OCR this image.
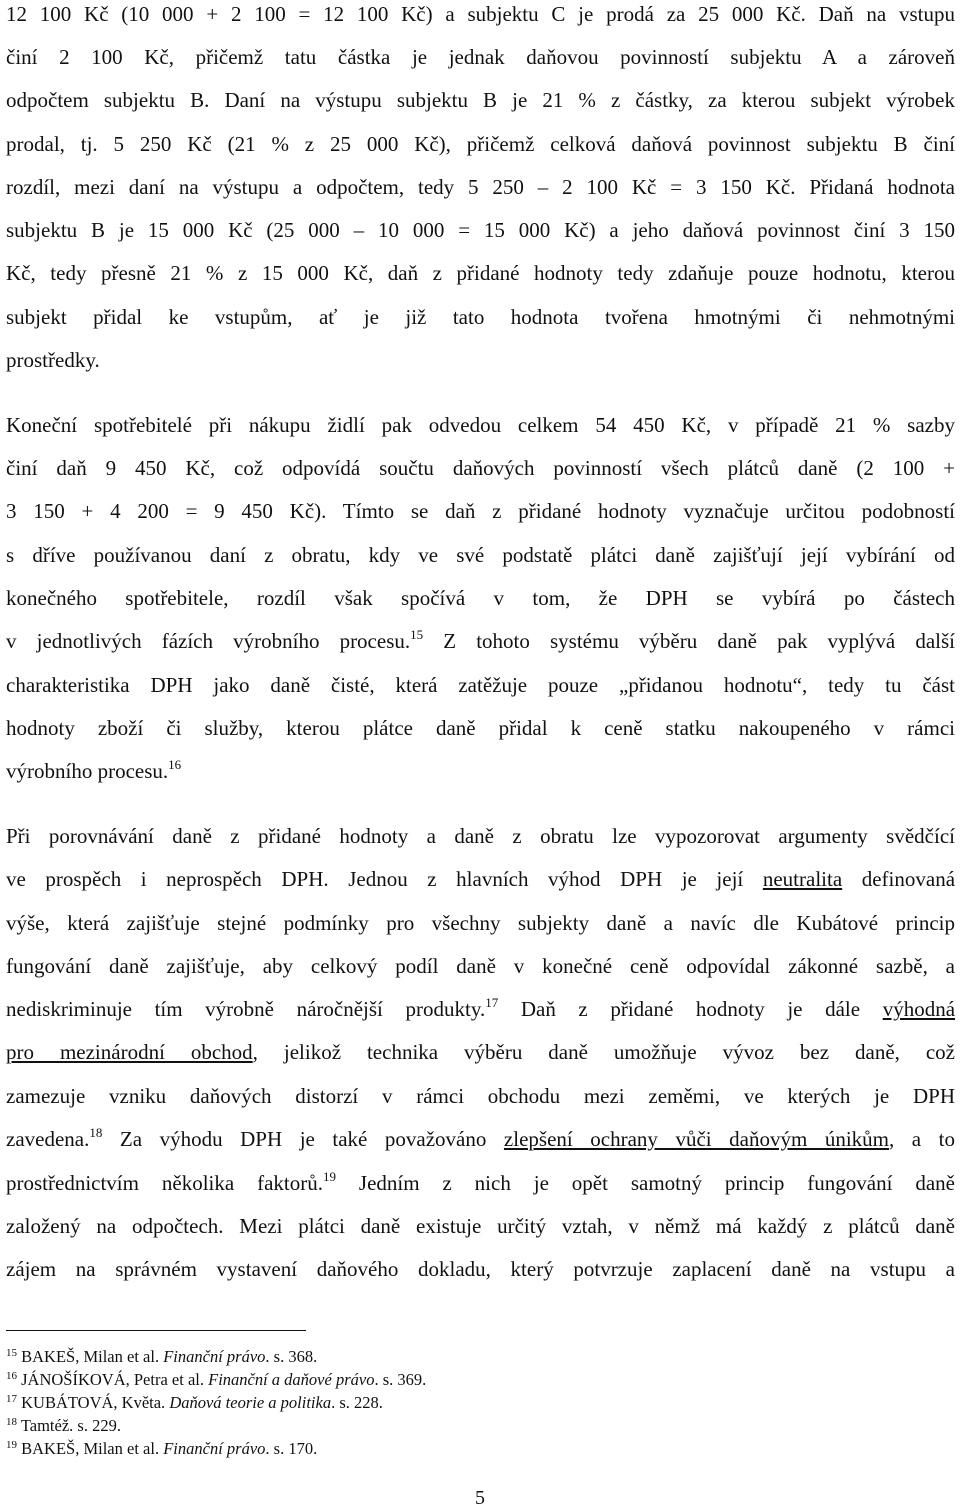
12 100 Kč (10 000 + 2 100 = 12 100 Kč) a subjektu C je prodá za 25 000 Kč. Daň na vstupu
činí 2 100 Kč, přičemž tatu částka je jednak daňovou povinností subjektu A a zároveň
odpočtem subjektu B. Daní na výstupu subjektu B je 21 % z částky, za kterou subjekt výrobek
prodal, tj. 5 250 Kč (21 % z 25 000 Kč), přičemž celková daňová povinnost subjektu B činí
rozdíl, mezi daní na výstupu a odpočtem, tedy 5 250 – 2 100 Kč = 3 150 Kč. Přidaná hodnota
subjektu B je 15 000 Kč (25 000 – 10 000 = 15 000 Kč) a jeho daňová povinnost činí 3 150
Kč, tedy přesně 21 % z 15 000 Kč, daň z přidané hodnoty tedy zdaňuje pouze hodnotu, kterou
subjekt přidal ke vstupům, ať je již tato hodnota tvořena hmotnými či nehmotnými
prostředky.
Koneční spotřebitelé při nákupu židlí pak odvedou celkem 54 450 Kč, v případě 21 % sazby
činí daň 9 450 Kč, což odpovídá součtu daňových povinností všech plátců daně (2 100 +
3 150 + 4 200 = 9 450 Kč). Tímto se daň z přidané hodnoty vyznačuje určitou podobností
s dříve používanou daní z obratu, kdy ve své podstatě plátci daně zajišťují její vybírání od
konečného spotřebitele, rozdíl však spočívá v tom, že DPH se vybírá po částech
v jednotlivých fázích výrobního procesu.$^{15}$ Z tohoto systému výběru daně pak vyplývá další
charakteristika DPH jako daně čisté, která zatěžuje pouze „přidanou hodnotu“, tedy tu část
hodnoty zboží či služby, kterou plátce daně přidal k ceně statku nakoupeného v rámci
výrobního procesu.$^{16}$
Při porovnávání daně z přidané hodnoty a daně z obratu lze vypozorovat argumenty svědčící
ve prospěch i neprospěch DPH. Jednou z hlavních výhod DPH je její neutralita definovaná
výše, která zajišťuje stejné podmínky pro všechny subjekty daně a navíc dle Kubátové princip
fungování daně zajišťuje, aby celkový podíl daně v konečné ceně odpovídal zákonné sazbě, a
nediskriminuje tím výrobně náročnější produkty.$^{17}$ Daň z přidané hodnoty je dále výhodná
pro mezinárodní obchod, jelikož technika výběru daně umožňuje vývoz bez daně, což
zamezuje vzniku daňových distorzí v rámci obchodu mezi zeměmi, ve kterých je DPH
zavedena.$^{18}$ Za výhodu DPH je také považováno zlepšení ochrany vůči daňovým únikům, a to
prostřednictvím několika faktorů.$^{19}$ Jedním z nich je opět samotný princip fungování daně
založený na odpočtech. Mezi plátci daně existuje určitý vztah, v němž má každý z plátců daně
zájem na správném vystavení daňového dokladu, který potvrzuje zaplacení daně na vstupu a
$^{15}$ BAKEŠ, Milan et al. Finanční právo. s. 368.
$^{16}$ JÁNOŠÍKOVÁ, Petra et al. Finanční a daňové právo. s. 369.
$^{17}$ KUBÁTOVÁ, Květa. Daňová teorie a politika. s. 228.
$^{18}$ Tamtéž. s. 229.
$^{19}$ BAKEŠ, Milan et al. Finanční právo. s. 170.
5
